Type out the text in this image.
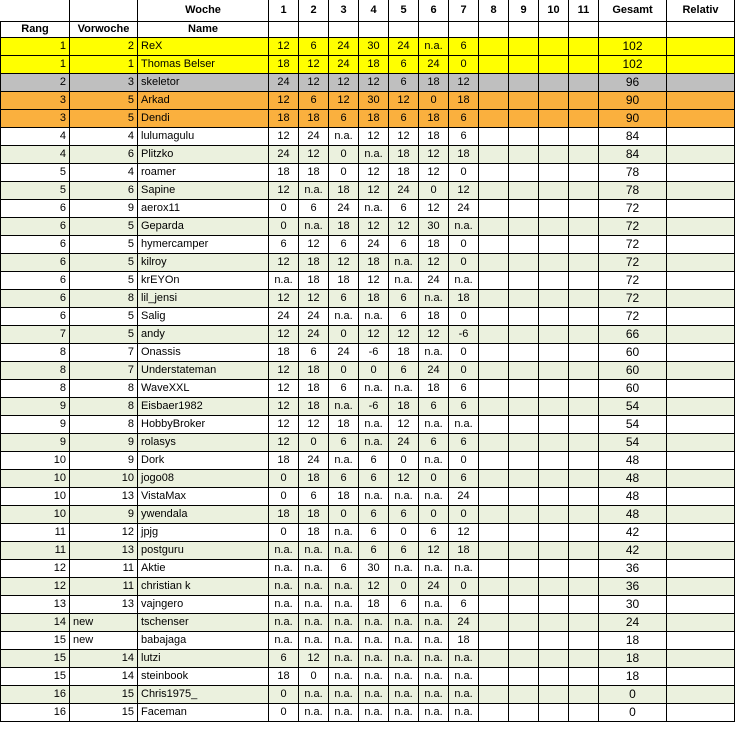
		Woche	1	2	3	4	5	6	7	8	9	10	11	Gesamt	Relativ
Rang	Vorwoche	Name													
1	2	ReX	12	6	24	30	24	n.a.	6					102	
1	1	Thomas Belser	18	12	24	18	6	24	0					102	
2	3	skeletor	24	12	12	12	6	18	12					96	
3	5	Arkad	12	6	12	30	12	0	18					90	
3	5	Dendi	18	18	6	18	6	18	6					90	
4	4	lulumagulu	12	24	n.a.	12	12	18	6					84	
4	6	Plitzko	24	12	0	n.a.	18	12	18					84	
5	4	roamer	18	18	0	12	18	12	0					78	
5	6	Sapine	12	n.a.	18	12	24	0	12					78	
6	9	aerox11	0	6	24	n.a.	6	12	24					72	
6	5	Geparda	0	n.a.	18	12	12	30	n.a.					72	
6	5	hymercamper	6	12	6	24	6	18	0					72	
6	5	kilroy	12	18	12	18	n.a.	12	0					72	
6	5	krEYOn	n.a.	18	18	12	n.a.	24	n.a.					72	
6	8	lil_jensi	12	12	6	18	6	n.a.	18					72	
6	5	Salig	24	24	n.a.	n.a.	6	18	0					72	
7	5	andy	12	24	0	12	12	12	-6					66	
8	7	Onassis	18	6	24	-6	18	n.a.	0					60	
8	7	Understateman	12	18	0	0	6	24	0					60	
8	8	WaveXXL	12	18	6	n.a.	n.a.	18	6					60	
9	8	Eisbaer1982	12	18	n.a.	-6	18	6	6					54	
9	8	HobbyBroker	12	12	18	n.a.	12	n.a.	n.a.					54	
9	9	rolasys	12	0	6	n.a.	24	6	6					54	
10	9	Dork	18	24	n.a.	6	0	n.a.	0					48	
10	10	jogo08	0	18	6	6	12	0	6					48	
10	13	VistaMax	0	6	18	n.a.	n.a.	n.a.	24					48	
10	9	ywendala	18	18	0	6	6	0	0					48	
11	12	jpjg	0	18	n.a.	6	0	6	12					42	
11	13	postguru	n.a.	n.a.	n.a.	6	6	12	18					42	
12	11	Aktie	n.a.	n.a.	6	30	n.a.	n.a.	n.a.					36	
12	11	christian k	n.a.	n.a.	n.a.	12	0	24	0					36	
13	13	vajngero	n.a.	n.a.	n.a.	18	6	n.a.	6					30	
14	new	tschenser	n.a.	n.a.	n.a.	n.a.	n.a.	n.a.	24					24	
15	new	babajaga	n.a.	n.a.	n.a.	n.a.	n.a.	n.a.	18					18	
15	14	lutzi	6	12	n.a.	n.a.	n.a.	n.a.	n.a.					18	
15	14	steinbook	18	0	n.a.	n.a.	n.a.	n.a.	n.a.					18	
16	15	Chris1975_	0	n.a.	n.a.	n.a.	n.a.	n.a.	n.a.					0	
16	15	Faceman	0	n.a.	n.a.	n.a.	n.a.	n.a.	n.a.					0	
